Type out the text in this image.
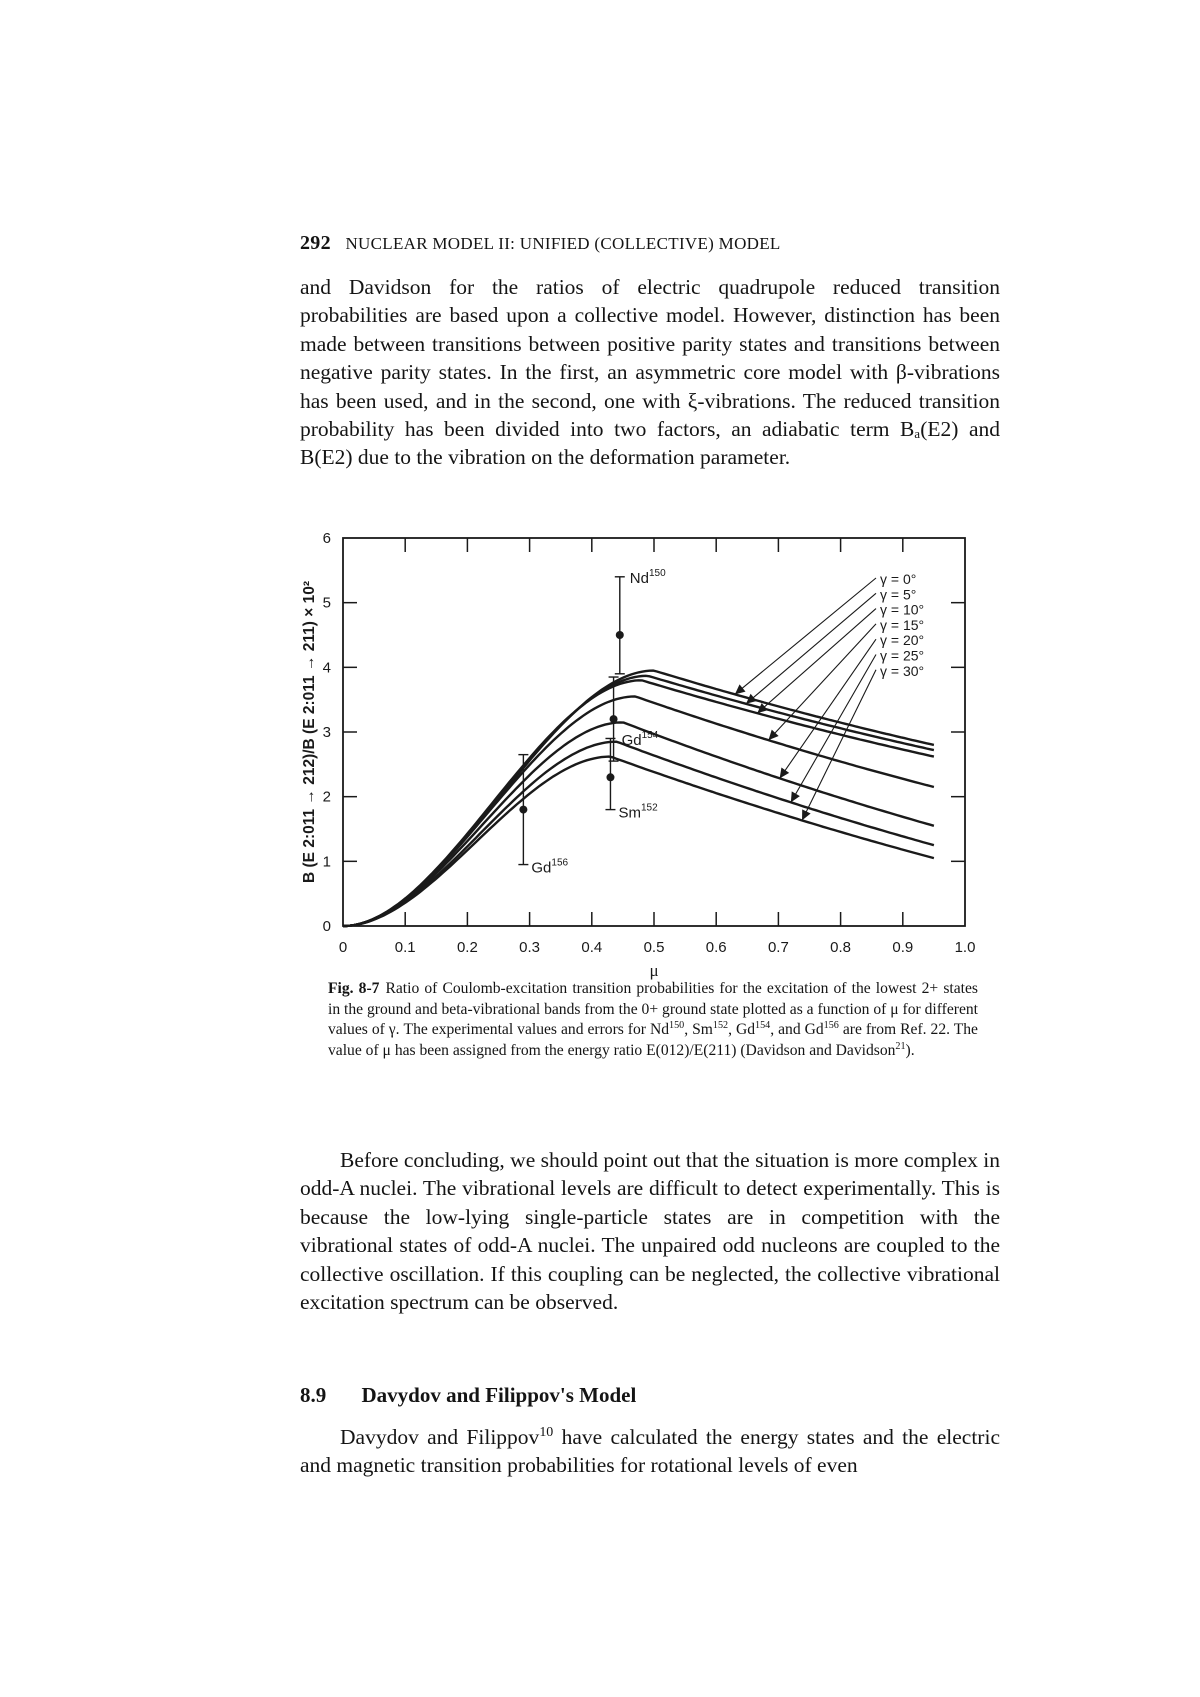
292 NUCLEAR MODEL II: UNIFIED (COLLECTIVE) MODEL

and Davidson for the ratios of electric quadrupole reduced transition probabilities are based upon a collective model. However, distinction has been made between transitions between positive parity states and transitions between negative parity states. In the first, an asymmetric core model with β-vibrations has been used, and in the second, one with ξ-vibrations. The reduced transition probability has been divided into two factors, an adiabatic term Bₐ(E2) and B(E2) due to the vibration on the deformation parameter.

0	0.1	0.2	0.3	0.4	0.5	0.6	0.7	0.8	0.9	1.0
0
1
2
3
4
5
6
μ
B (E 2:011 → 212)/B (E 2:011 → 211) × 10²
γ = 0°
γ = 5°
γ = 10°
γ = 15°
γ = 20°
γ = 25°
γ = 30°
Nd$^{150}$
Gd$^{154}$
Sm$^{152}$
Gd$^{156}$
Fig. 8-7 Ratio of Coulomb-excitation transition probabilities for the excitation of the lowest 2+ states in the ground and beta-vibrational bands from the 0+ ground state plotted as a function of μ for different values of γ. The experimental values and errors for Nd$^{150}$, Sm$^{152}$, Gd$^{154}$, and Gd$^{156}$ are from Ref. 22. The value of μ has been assigned from the energy ratio E(012)/E(211) (Davidson and Davidson$^{21}$).

Before concluding, we should point out that the situation is more complex in odd-A nuclei. The vibrational levels are difficult to detect experimentally. This is because the low-lying single-particle states are in competition with the vibrational states of odd-A nuclei. The unpaired odd nucleons are coupled to the collective oscillation. If this coupling can be neglected, the collective vibrational excitation spectrum can be observed.

8.9 Davydov and Filippov's Model

Davydov and Filippov$^{10}$ have calculated the energy states and the electric and magnetic transition probabilities for rotational levels of even
